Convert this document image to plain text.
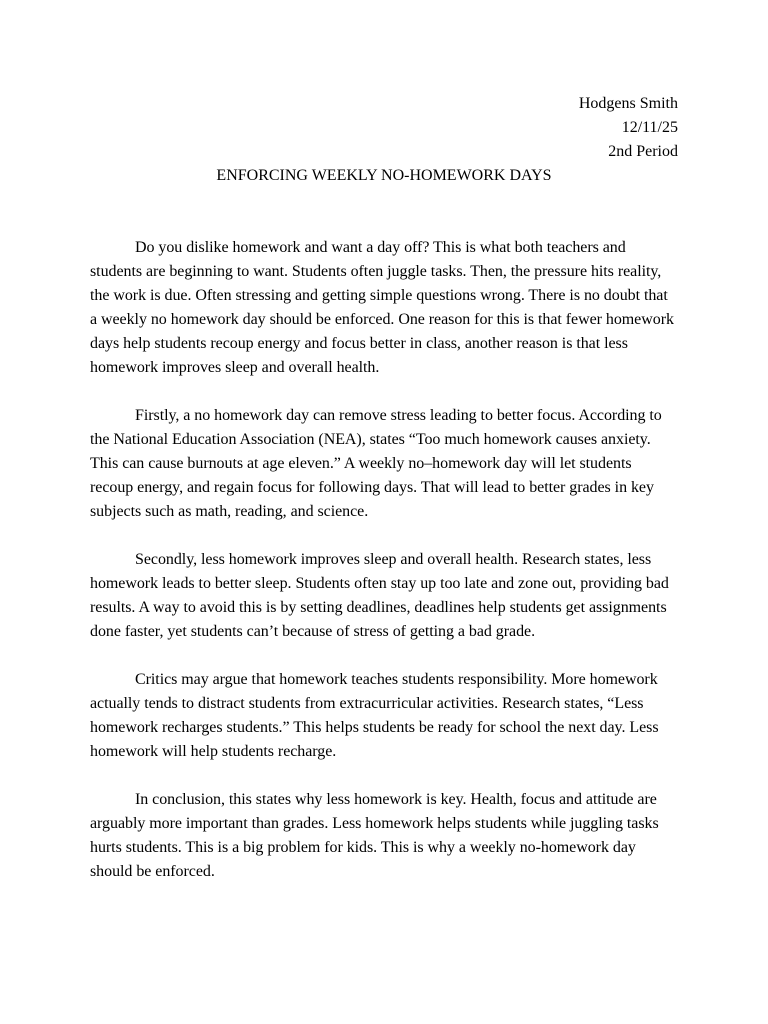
Hodgens Smith
12/11/25
2nd Period
ENFORCING WEEKLY NO-HOMEWORK DAYS

Do you dislike homework and want a day off? This is what both teachers and students are beginning to want. Students often juggle tasks. Then, the pressure hits reality, the work is due. Often stressing and getting simple questions wrong. There is no doubt that a weekly no homework day should be enforced. One reason for this is that fewer homework days help students recoup energy and focus better in class, another reason is that less homework improves sleep and overall health.

Firstly, a no homework day can remove stress leading to better focus. According to the National Education Association (NEA), states “Too much homework causes anxiety. This can cause burnouts at age eleven.” A weekly no–homework day will let students recoup energy, and regain focus for following days. That will lead to better grades in key subjects such as math, reading, and science.

Secondly, less homework improves sleep and overall health. Research states, less homework leads to better sleep. Students often stay up too late and zone out, providing bad results. A way to avoid this is by setting deadlines, deadlines help students get assignments done faster, yet students can’t because of stress of getting a bad grade.

Critics may argue that homework teaches students responsibility. More homework actually tends to distract students from extracurricular activities. Research states, “Less homework recharges students.” This helps students be ready for school the next day. Less homework will help students recharge.

In conclusion, this states why less homework is key. Health, focus and attitude are arguably more important than grades. Less homework helps students while juggling tasks hurts students. This is a big problem for kids. This is why a weekly no-homework day should be enforced.
